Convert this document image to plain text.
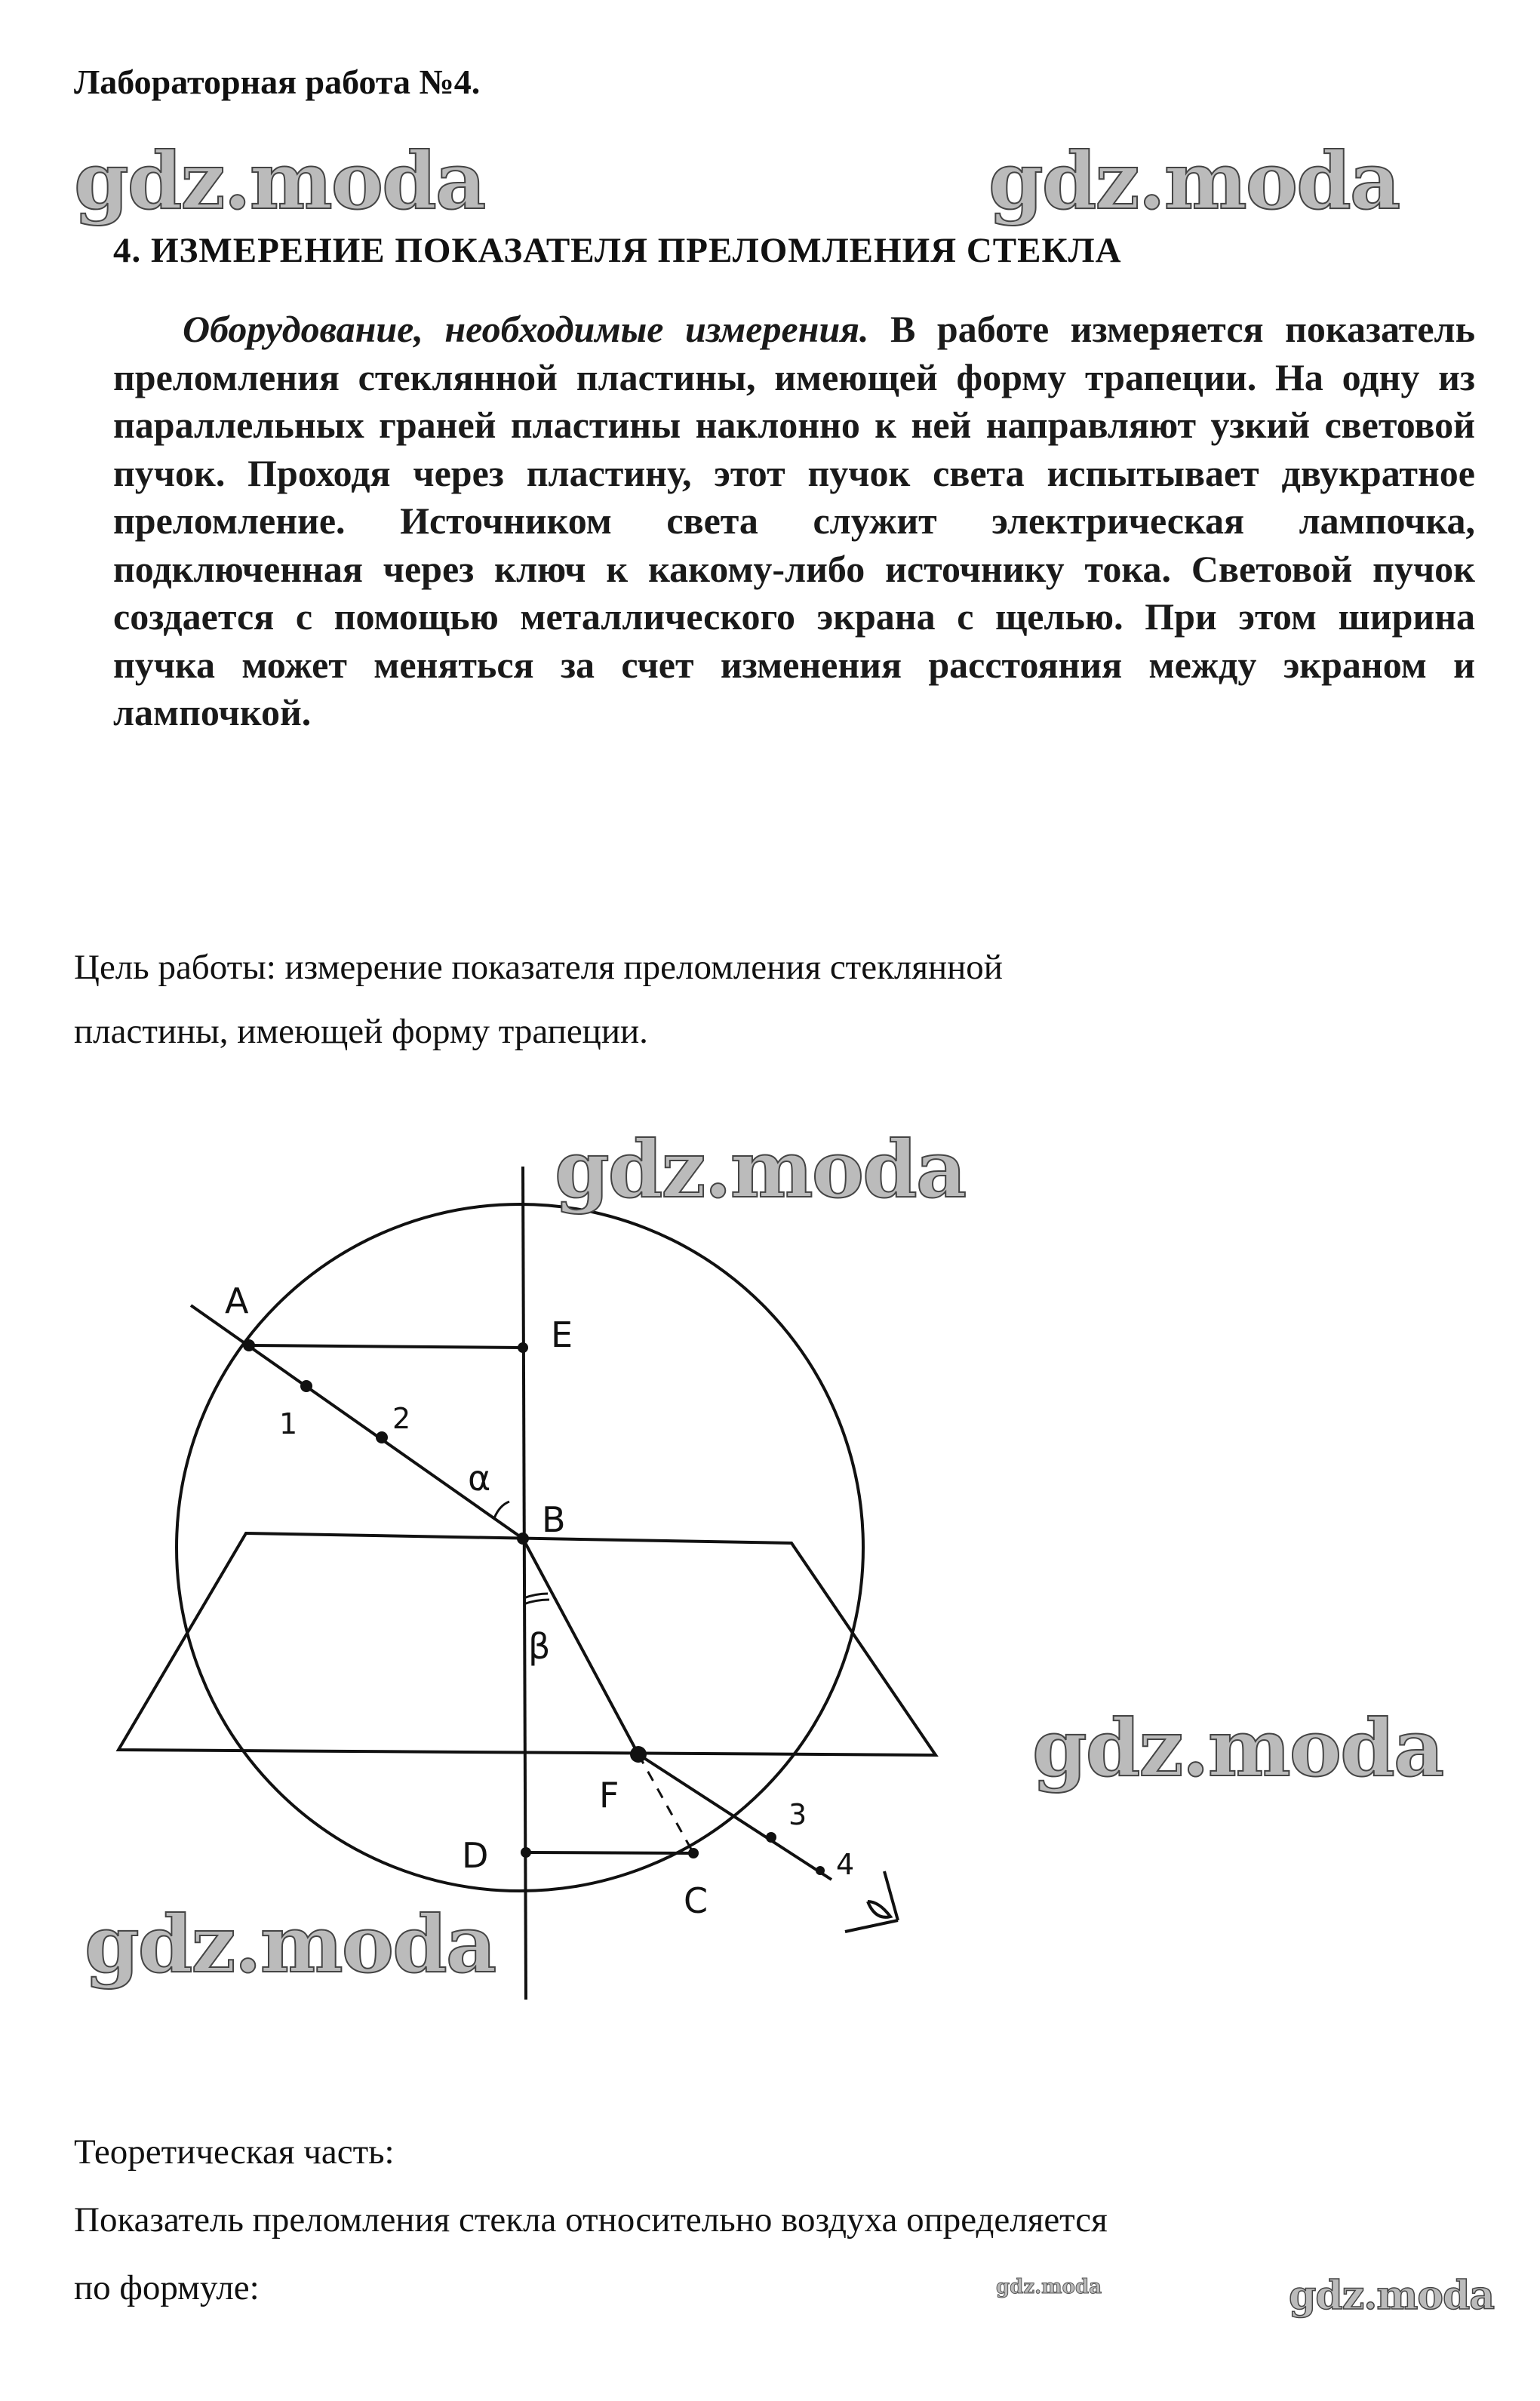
Лабораторная работа №4.
gdz.moda	gdz.moda
4. ИЗМЕРЕНИЕ ПОКАЗАТЕЛЯ ПРЕЛОМЛЕНИЯ СТЕКЛА
Оборудование, необходимые измерения. В работе измеряется показатель преломления стеклянной пластины, имеющей форму трапеции. На одну из параллельных граней пластины наклонно к ней направляют узкий световой пучок. Проходя через пластину, этот пучок света испытывает двукратное преломление. Источником света служит электрическая лампочка, подключенная через ключ к какому-либо источнику тока. Световой пучок создается с помощью металлического экрана с щелью. При этом ширина пучка может меняться за счет изменения расстояния между экраном и лампочкой.
Цель работы: измерение показателя преломления стеклянной
пластины, имеющей форму трапеции.
A
E
B
F
D
C
α
β
1	2
3
4
gdz.moda
gdz.moda
gdz.moda
Теоретическая часть:
Показатель преломления стекла относительно воздуха определяется
по формуле:	gdz.moda	gdz.moda
